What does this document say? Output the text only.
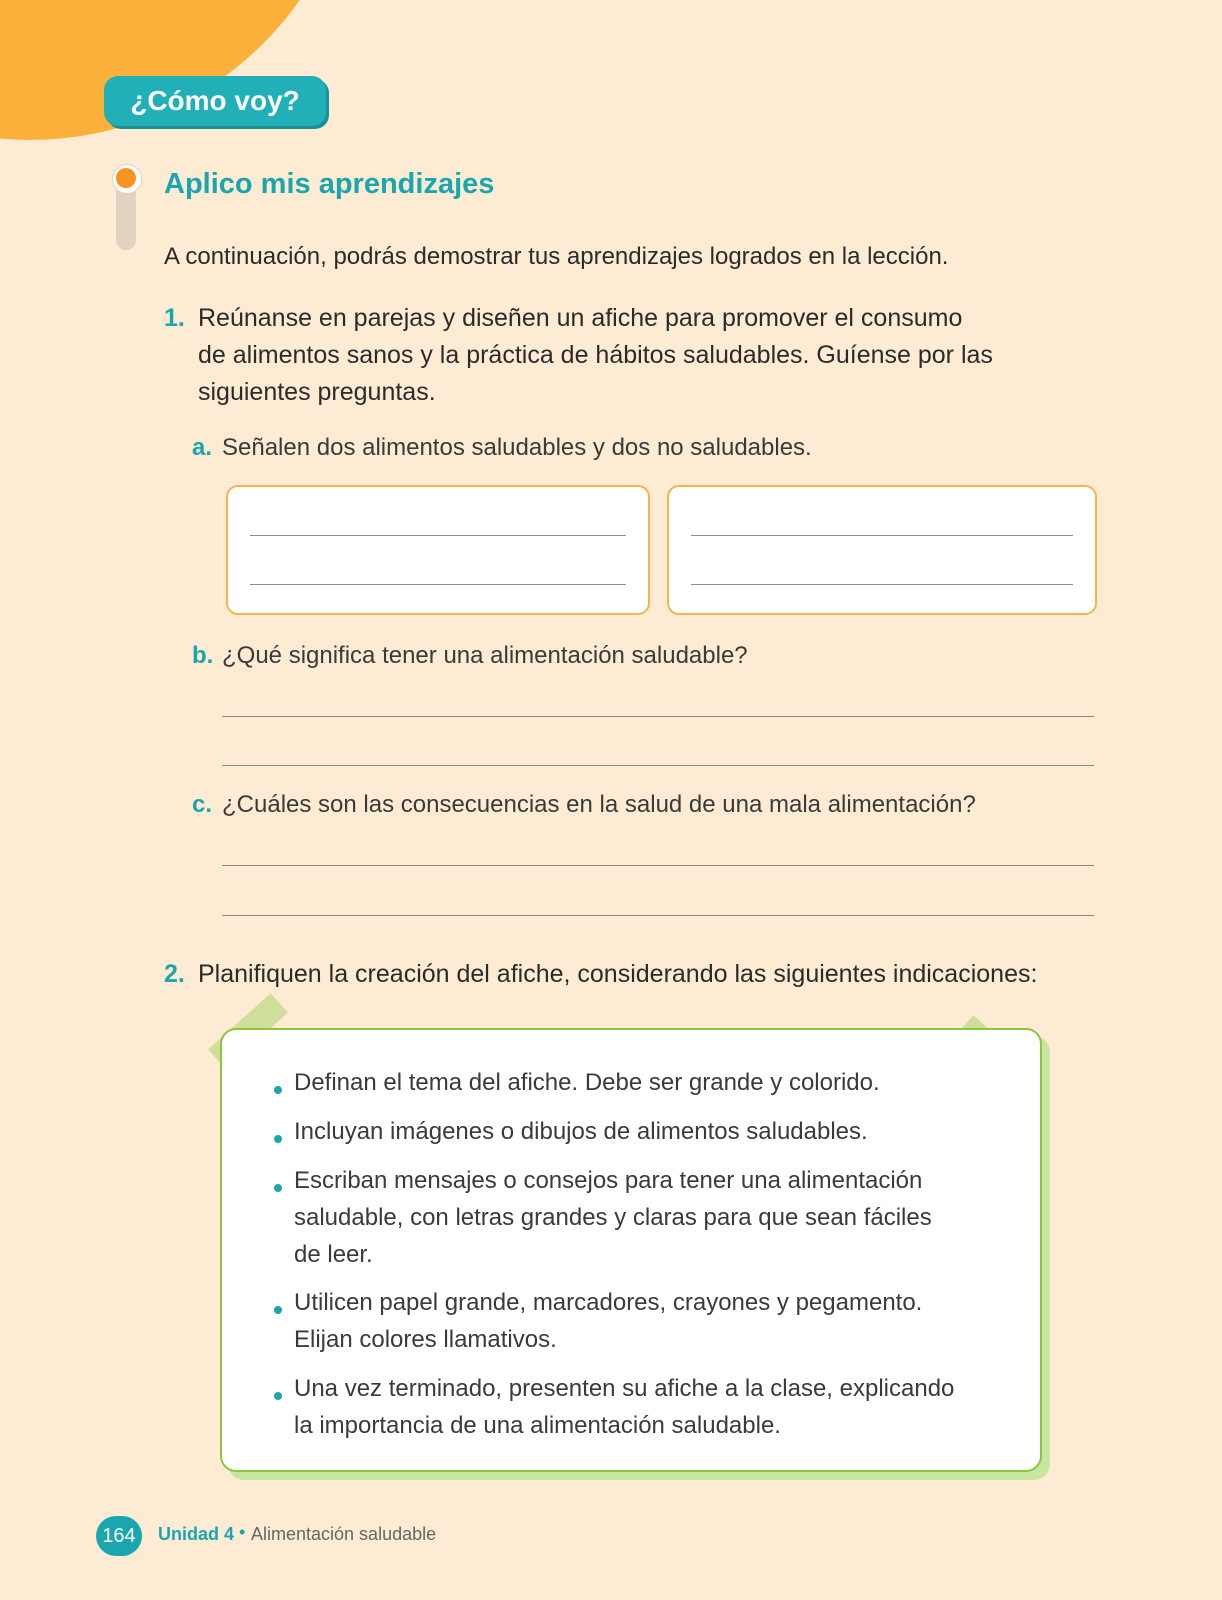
¿Cómo voy?
Aplico mis aprendizajes
A continuación, podrás demostrar tus aprendizajes logrados en la lección.
1. Reúnanse en parejas y diseñen un afiche para promover el consumo
de alimentos sanos y la práctica de hábitos saludables. Guíense por las
siguientes preguntas.
a. Señalen dos alimentos saludables y dos no saludables.
b. ¿Qué significa tener una alimentación saludable?
c. ¿Cuáles son las consecuencias en la salud de una mala alimentación?
2. Planifiquen la creación del afiche, considerando las siguientes indicaciones:
Definan el tema del afiche. Debe ser grande y colorido.
Incluyan imágenes o dibujos de alimentos saludables.
Escriban mensajes o consejos para tener una alimentación
saludable, con letras grandes y claras para que sean fáciles
de leer.
Utilicen papel grande, marcadores, crayones y pegamento.
Elijan colores llamativos.
Una vez terminado, presenten su afiche a la clase, explicando
la importancia de una alimentación saludable.
164	Unidad 4 • Alimentación saludable
